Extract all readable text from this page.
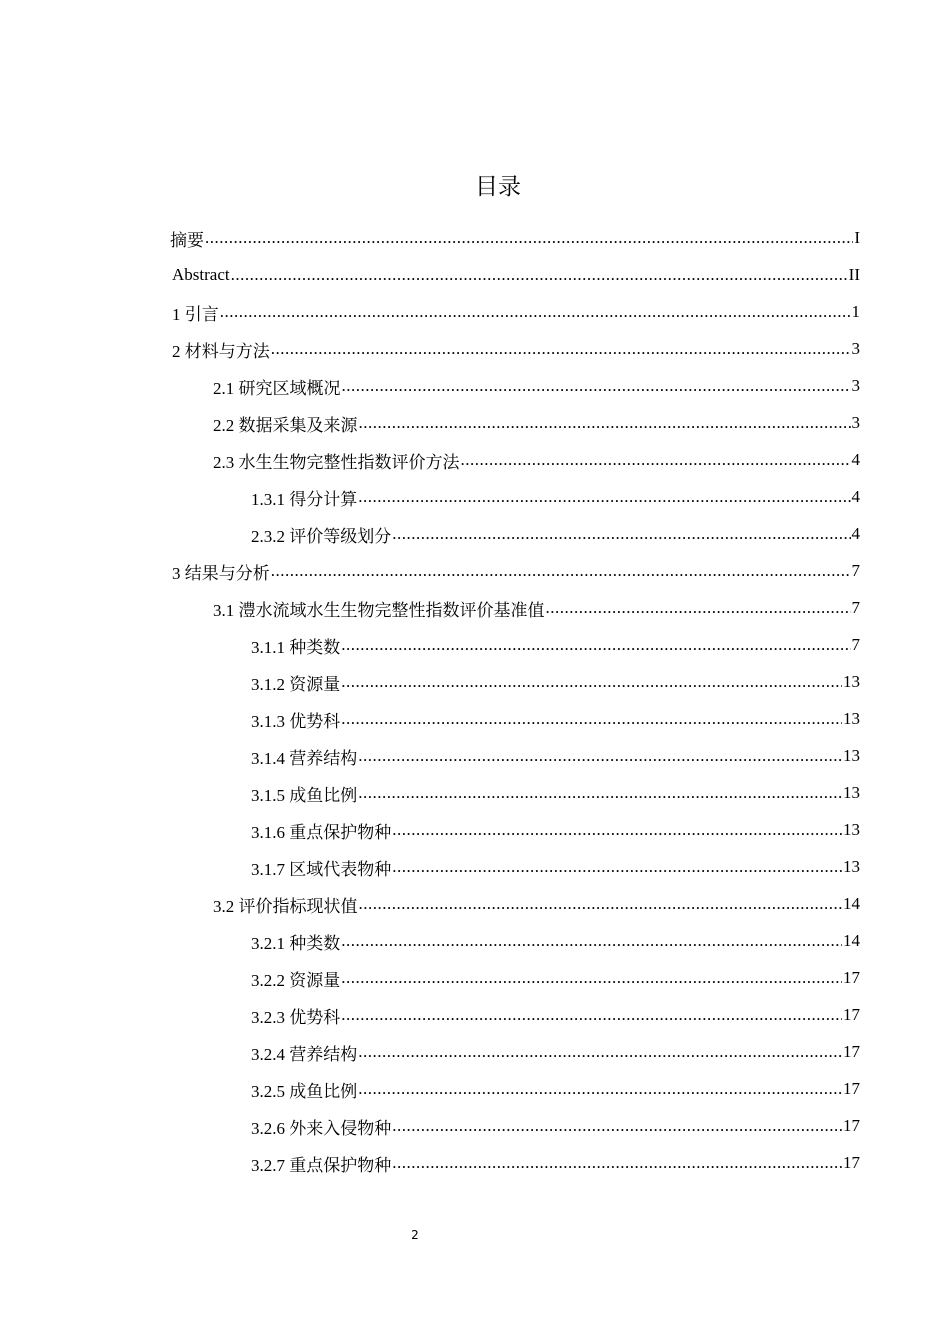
目录
摘要 .....	I
Abstract .....	II
1 引言 .....	1
2 材料与方法 .....	3
2.1 研究区域概况 .....	3
2.2 数据采集及来源 .....	3
2.3 水生生物完整性指数评价方法 .....	4
1.3.1 得分计算 .....	4
2.3.2 评价等级划分 .....	4
3 结果与分析 .....	7
3.1 澧水流域水生生物完整性指数评价基准值 .....	7
3.1.1 种类数 .....	7
3.1.2 资源量 .....	13
3.1.3 优势科 .....	13
3.1.4 营养结构 .....	13
3.1.5 成鱼比例 .....	13
3.1.6 重点保护物种 .....	13
3.1.7 区域代表物种 .....	13
3.2 评价指标现状值 .....	14
3.2.1 种类数 .....	14
3.2.2 资源量 .....	17
3.2.3 优势科 .....	17
3.2.4 营养结构 .....	17
3.2.5 成鱼比例 .....	17
3.2.6 外来入侵物种 .....	17
3.2.7 重点保护物种 .....	17
2
